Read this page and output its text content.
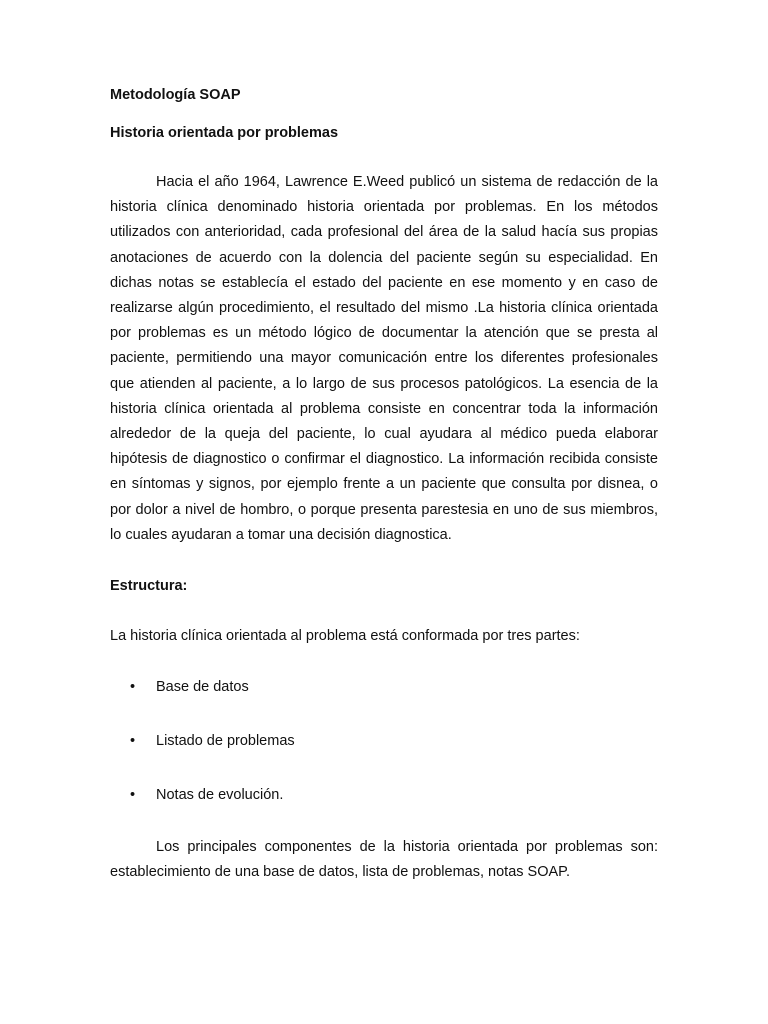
Metodología SOAP
Historia orientada por problemas
Hacia el año 1964, Lawrence E.Weed publicó un sistema de redacción de la historia clínica denominado historia orientada por problemas. En los métodos utilizados con anterioridad, cada profesional del área de la salud hacía sus propias anotaciones de acuerdo con la dolencia del paciente según su especialidad. En dichas notas se establecía el estado del paciente en ese momento y en caso de realizarse algún procedimiento, el resultado del mismo .La historia clínica orientada por problemas es un método lógico de documentar la atención que se presta al paciente, permitiendo una mayor comunicación entre los diferentes profesionales que atienden al paciente, a lo largo de sus procesos patológicos. La esencia de la historia clínica orientada al problema consiste en concentrar toda la información alrededor de la queja del paciente, lo cual ayudara al médico pueda elaborar hipótesis de diagnostico o confirmar el diagnostico. La información recibida consiste en síntomas y signos, por ejemplo frente a un paciente que consulta por disnea, o por dolor a nivel de hombro, o porque presenta parestesia en uno de sus miembros, lo cuales ayudaran a tomar una decisión diagnostica.
Estructura:
La historia clínica orientada al problema está conformada por tres partes:
• Base de datos
• Listado de problemas
• Notas de evolución.
Los principales componentes de la historia orientada por problemas son: establecimiento de una base de datos, lista de problemas, notas SOAP.
